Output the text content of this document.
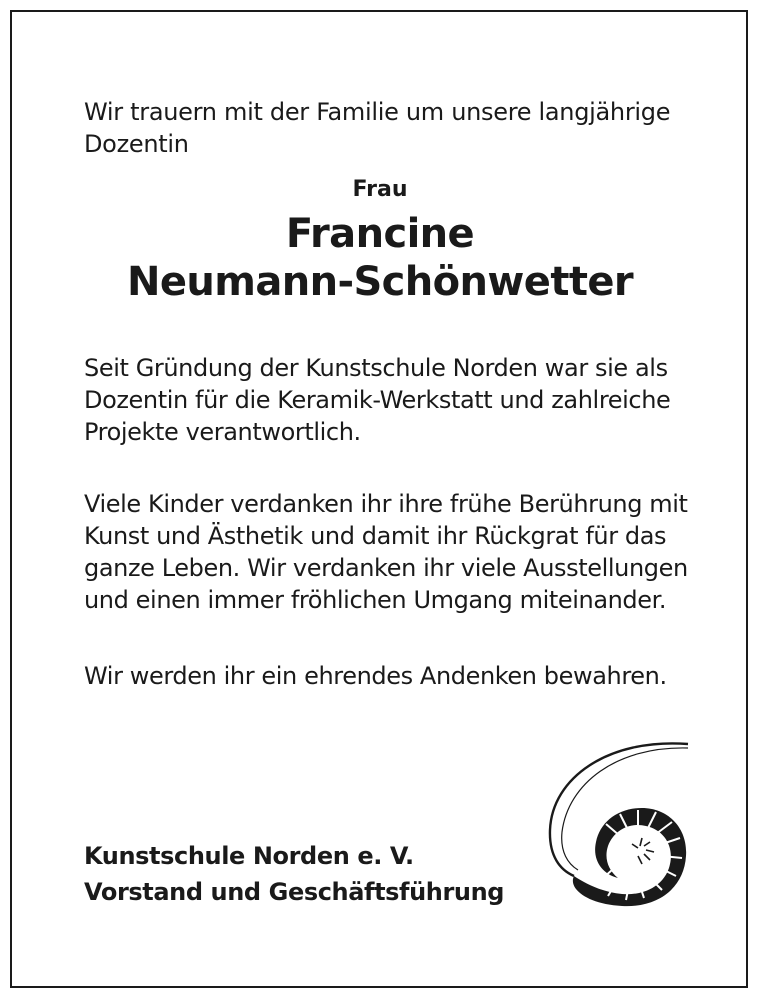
Wir trauern mit der Familie um unsere langjährige Dozentin
Frau
Francine
Neumann-Schönwetter

Seit Gründung der Kunstschule Norden war sie als Dozentin für die Keramik-Werkstatt und zahlreiche Projekte verantwortlich.

Viele Kinder verdanken ihr ihre frühe Berührung mit Kunst und Ästhetik und damit ihr Rückgrat für das ganze Leben. Wir verdanken ihr viele Ausstellungen und einen immer fröhlichen Umgang miteinander.

Wir werden ihr ein ehrendes Andenken bewahren.

Kunstschule Norden e. V.
Vorstand und Geschäftsführung
